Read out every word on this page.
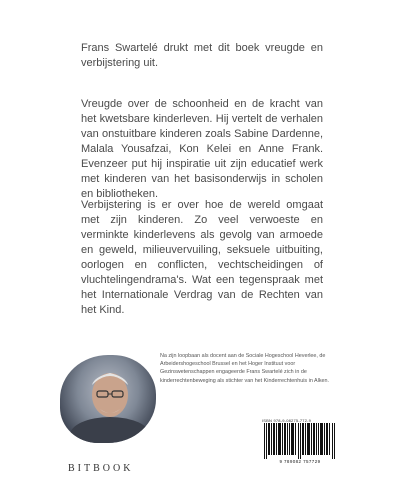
Frans Swartelé drukt met dit boek vreugde en verbijstering uit.

Vreugde over de schoonheid en de kracht van het kwetsbare kinderleven. Hij vertelt de verhalen van onstuitbare kinderen zoals Sabine Dardenne, Malala Yousafzai, Kon Kelei en Anne Frank. Evenzeer put hij inspiratie uit zijn educatief werk met kinderen van het basisonderwijs in scholen en bibliotheken.

Verbijstering is er over hoe de wereld omgaat met zijn kinderen. Zo veel verwoeste en verminkte kinderlevens als gevolg van armoede en geweld, milieuvervuiling, seksuele uitbuiting, oorlogen en conflicten, vechtscheidingen of vluchtelingendrama's. Wat een tegenspraak met het Internationale Verdrag van de Rechten van het Kind.

Na zijn loopbaan als docent aan de Sociale Hogeschool Heverlee, de Arbeidershogeschool Brussel en het Hoger Instituut voor Gezinswetenschappen engageerde Frans Swartelé zich in de kinderrechtenbeweging als stichter van het Kinderrechtenhuis in Alken.

ISBN 978-9-08275-772-9
9 789082 757729
BITBOOK
